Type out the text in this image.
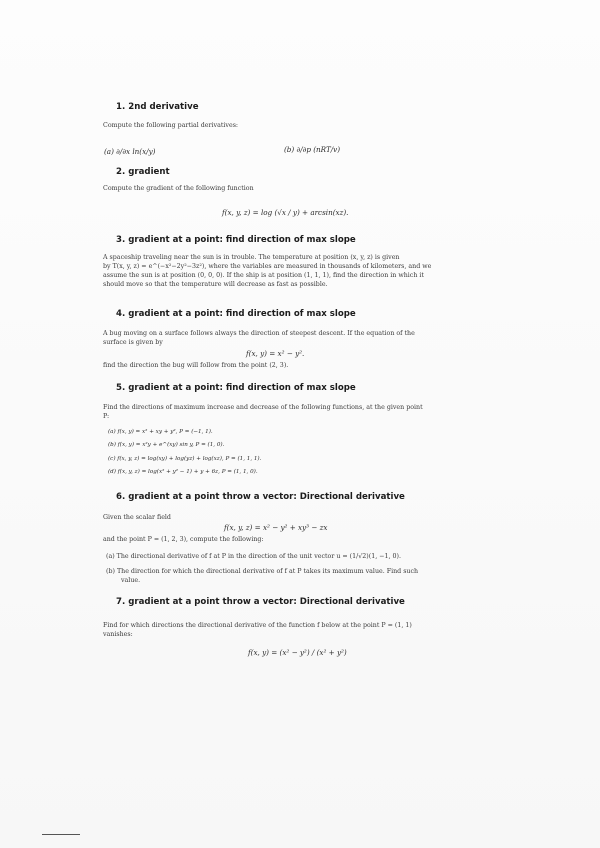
1. 2nd derivative
Compute the following partial derivatives:
(a) ∂/∂x ln(x/y)	(b) ∂/∂p (nRT/v)
2. gradient
Compute the gradient of the following function
f(x, y, z) = log (√x / y) + arcsin(xz).
3. gradient at a point: find direction of max slope
A spaceship traveling near the sun is in trouble. The temperature at position (x, y, z) is given
by T(x, y, z) = e^(−x²−2y²−3z²), where the variables are measured in thousands of kilometers, and we
assume the sun is at position (0, 0, 0). If the ship is at position (1, 1, 1), find the direction in which it
should move so that the temperature will decrease as fast as possible.
4. gradient at a point: find direction of max slope
A bug moving on a surface follows always the direction of steepest descent. If the equation of the
surface is given by
f(x, y) = x² − y².
find the direction the bug will follow from the point (2, 3).
5. gradient at a point: find direction of max slope
Find the directions of maximum increase and decrease of the following functions, at the given point
P:
(a) f(x, y) = x² + xy + y², P = (−1, 1).
(b) f(x, y) = x²y + e^(xy) sin y, P = (1, 0).
(c) f(x, y, z) = log(xy) + log(yz) + log(xz), P = (1, 1, 1).
(d) f(x, y, z) = log(x² + y² − 1) + y + 6z, P = (1, 1, 0).
6. gradient at a point throw a vector: Directional derivative
Given the scalar field
f(x, y, z) = x² − y² + xy³ − zx
and the point P = (1, 2, 3), compute the following:
(a) The directional derivative of f at P in the direction of the unit vector u = (1/√2)(1, −1, 0).
(b) The direction for which the directional derivative of f at P takes its maximum value. Find such
value.
7. gradient at a point throw a vector: Directional derivative
Find for which directions the directional derivative of the function f below at the point P = (1, 1)
vanishes:
f(x, y) = (x² − y²) / (x² + y²)
